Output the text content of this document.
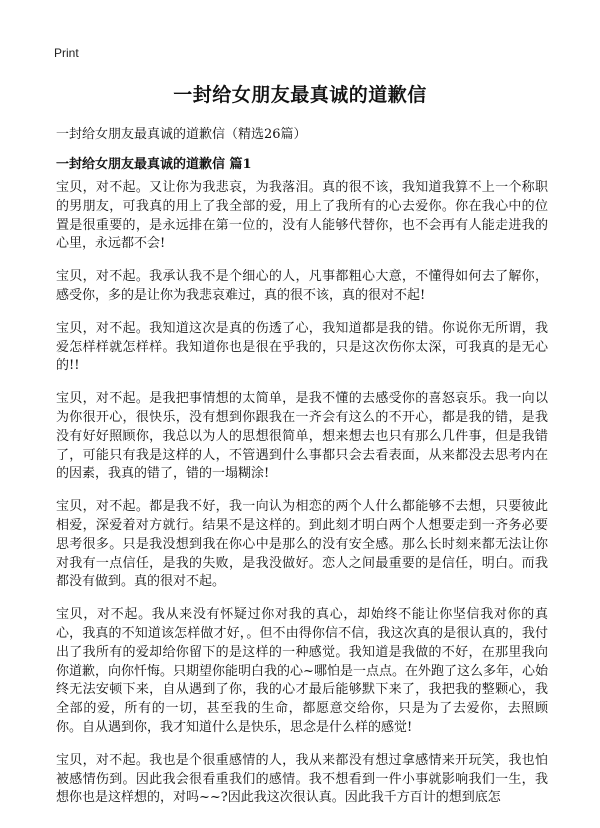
Print
一封给女朋友最真诚的道歉信
一封给女朋友最真诚的道歉信（精选26篇）
一封给女朋友最真诚的道歉信 篇1

宝贝，对不起。又让你为我悲哀，为我落泪。真的很不该，我知道我算不上一个称职的男朋友，可我真的用上了我全部的爱，用上了我所有的心去爱你。你在我心中的位置是很重要的，是永远排在第一位的，没有人能够代替你，也不会再有人能走进我的心里，永远都不会!

宝贝，对不起。我承认我不是个细心的人，凡事都粗心大意，不懂得如何去了解你，感受你，多的是让你为我悲哀难过，真的很不该，真的很对不起!

宝贝，对不起。我知道这次是真的伤透了心，我知道都是我的错。你说你无所谓，我爱怎样样就怎样样。我知道你也是很在乎我的，只是这次伤你太深，可我真的是无心的!!

宝贝，对不起。是我把事情想的太简单，是我不懂的去感受你的喜怒哀乐。我一向以为你很开心，很快乐，没有想到你跟我在一齐会有这么的不开心，都是我的错，是我没有好好照顾你，我总以为人的思想很简单，想来想去也只有那么几件事，但是我错了，可能只有我是这样的人，不管遇到什么事都只会去看表面，从来都没去思考内在的因素，我真的错了，错的一塌糊涂!

宝贝，对不起。都是我不好，我一向认为相恋的两个人什么都能够不去想，只要彼此相爱，深爱着对方就行。结果不是这样的。到此刻才明白两个人想要走到一齐务必要思考很多。只是我没想到我在你心中是那么的没有安全感。那么长时刻来都无法让你对我有一点信任，是我的失败，是我没做好。恋人之间最重要的是信任，明白。而我都没有做到。真的很对不起。

宝贝，对不起。我从来没有怀疑过你对我的真心，却始终不能让你坚信我对你的真心，我真的不知道该怎样做才好，。但不由得你信不信，我这次真的是很认真的，我付出了我所有的爱却给你留下的是这样的一种感觉。我知道是我做的不好，在那里我向你道歉，向你忏悔。只期望你能明白我的心~哪怕是一点点。在外跑了这么多年，心始终无法安顿下来，自从遇到了你，我的心才最后能够默下来了，我把我的整颗心，我全部的爱，所有的一切，甚至我的生命，都愿意交给你，只是为了去爱你，去照顾你。自从遇到你，我才知道什么是快乐，思念是什么样的感觉!

宝贝，对不起。我也是个很重感情的人，我从来都没有想过拿感情来开玩笑，我也怕被感情伤到。因此我会很看重我们的感情。我不想看到一件小事就影响我们一生，我想你也是这样想的，对吗~~?因此我这次很认真。因此我千方百计的想到底怎
